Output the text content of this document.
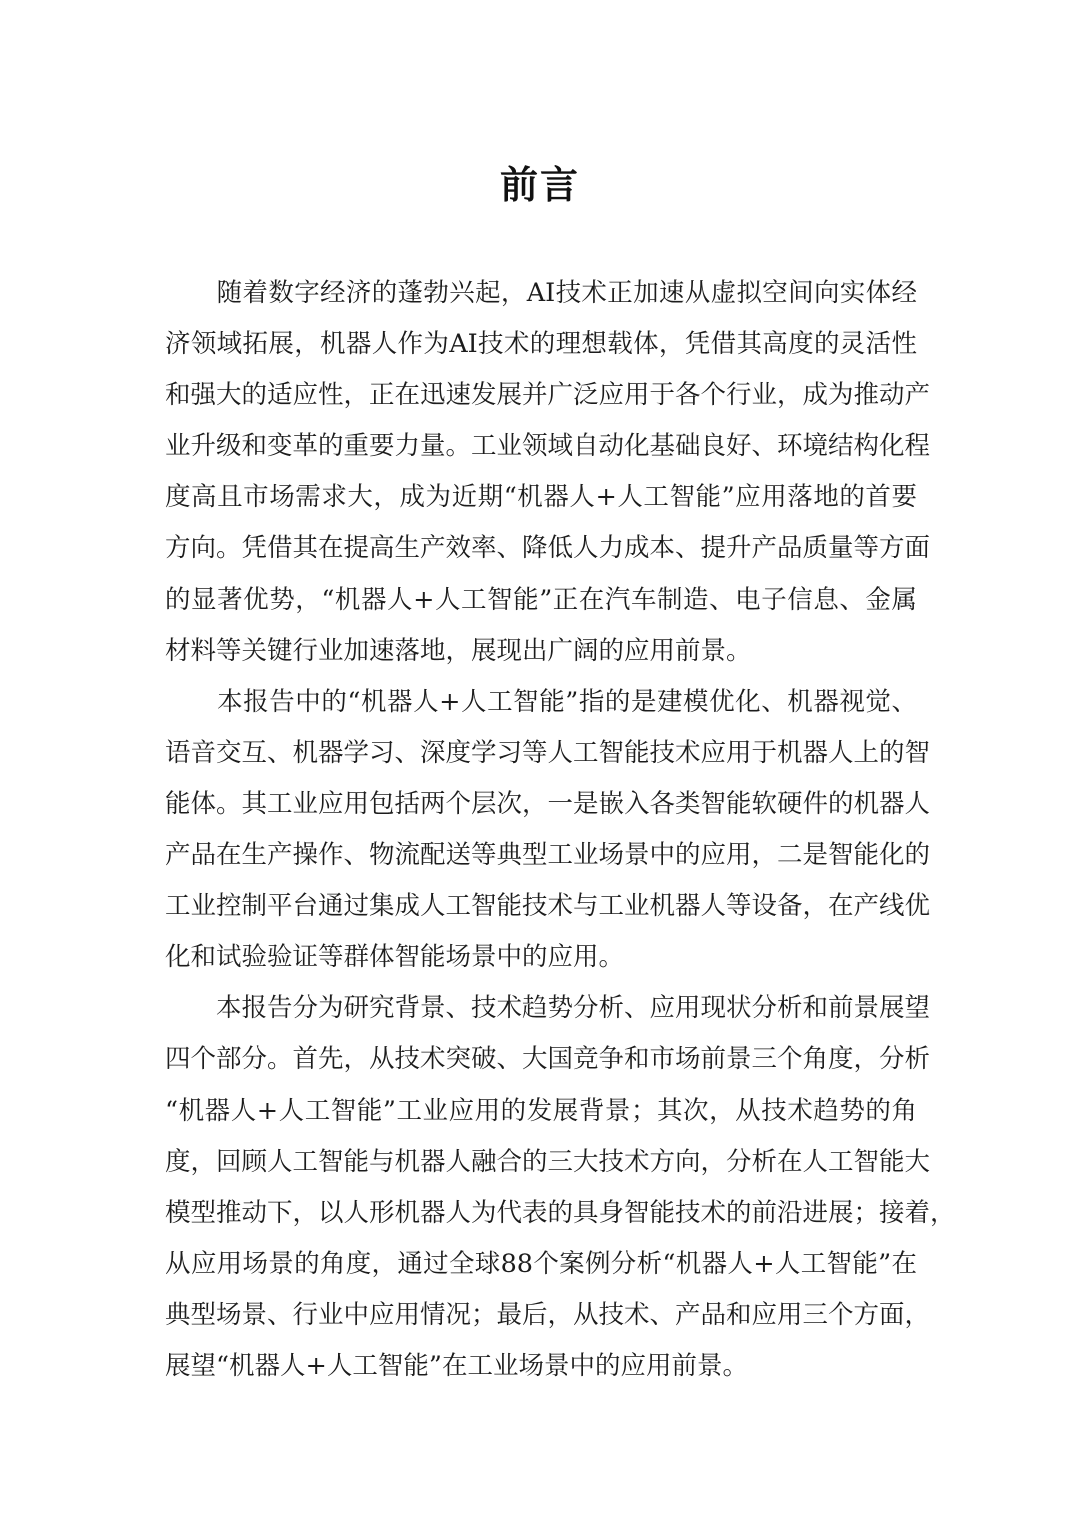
前言
　　随着数字经济的蓬勃兴起，AI技术正加速从虚拟空间向实体经
济领域拓展，机器人作为AI技术的理想载体，凭借其高度的灵活性
和强大的适应性，正在迅速发展并广泛应用于各个行业，成为推动产
业升级和变革的重要力量。工业领域自动化基础良好、环境结构化程
度高且市场需求大，成为近期“机器人+人工智能”应用落地的首要
方向。凭借其在提高生产效率、降低人力成本、提升产品质量等方面
的显著优势，“机器人+人工智能”正在汽车制造、电子信息、金属
材料等关键行业加速落地，展现出广阔的应用前景。
　　本报告中的“机器人+人工智能”指的是建模优化、机器视觉、
语音交互、机器学习、深度学习等人工智能技术应用于机器人上的智
能体。其工业应用包括两个层次，一是嵌入各类智能软硬件的机器人
产品在生产操作、物流配送等典型工业场景中的应用，二是智能化的
工业控制平台通过集成人工智能技术与工业机器人等设备，在产线优
化和试验验证等群体智能场景中的应用。
　　本报告分为研究背景、技术趋势分析、应用现状分析和前景展望
四个部分。首先，从技术突破、大国竞争和市场前景三个角度，分析
“机器人+人工智能”工业应用的发展背景；其次，从技术趋势的角
度，回顾人工智能与机器人融合的三大技术方向，分析在人工智能大
模型推动下，以人形机器人为代表的具身智能技术的前沿进展；接着，
从应用场景的角度，通过全球88个案例分析“机器人+人工智能”在
典型场景、行业中应用情况；最后，从技术、产品和应用三个方面，
展望“机器人+人工智能”在工业场景中的应用前景。
